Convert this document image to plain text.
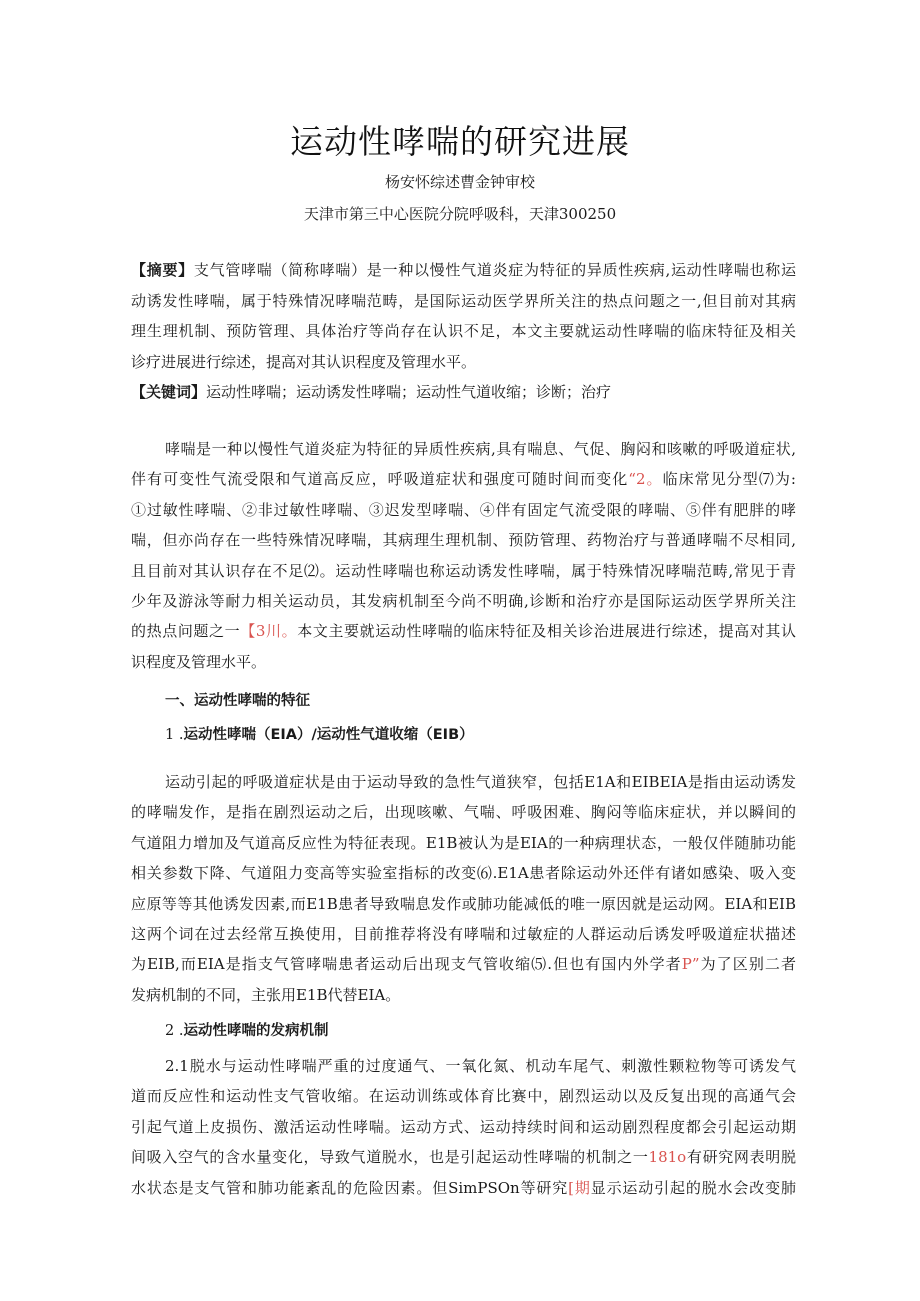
运动性哮喘的研究进展
杨安怀综述曹金钟审校
天津市第三中心医院分院呼吸科，天津300250
【摘要】支气管哮喘（简称哮喘）是一种以慢性气道炎症为特征的异质性疾病,运动性哮喘也称运
动诱发性哮喘，属于特殊情况哮喘范畴，是国际运动医学界所关注的热点问题之一,但目前对其病
理生理机制、预防管理、具体治疗等尚存在认识不足，本文主要就运动性哮喘的临床特征及相关
诊疗进展进行综述，提高对其认识程度及管理水平。
【关键词】运动性哮喘；运动诱发性哮喘；运动性气道收缩；诊断；治疗
哮喘是一种以慢性气道炎症为特征的异质性疾病,具有喘息、气促、胸闷和咳嗽的呼吸道症状,
伴有可变性气流受限和气道高反应，呼吸道症状和强度可随时间而变化“2。临床常见分型⑺为:
①过敏性哮喘、②非过敏性哮喘、③迟发型哮喘、④伴有固定气流受限的哮喘、⑤伴有肥胖的哮
喘，但亦尚存在一些特殊情况哮喘，其病理生理机制、预防管理、药物治疗与普通哮喘不尽相同,
且目前对其认识存在不足⑵。运动性哮喘也称运动诱发性哮喘，属于特殊情况哮喘范畴,常见于青
少年及游泳等耐力相关运动员，其发病机制至今尚不明确,诊断和治疗亦是国际运动医学界所关注
的热点问题之一【3川。本文主要就运动性哮喘的临床特征及相关诊治进展进行综述，提高对其认
识程度及管理水平。
一、运动性哮喘的特征
1 .运动性哮喘（EIA）/运动性气道收缩（EIB）
运动引起的呼吸道症状是由于运动导致的急性气道狭窄，包括E1A和EIBEIA是指由运动诱发
的哮喘发作，是指在剧烈运动之后，出现咳嗽、气喘、呼吸困难、胸闷等临床症状，并以瞬间的
气道阻力增加及气道高反应性为特征表现。E1B被认为是EIA的一种病理状态，一般仅伴随肺功能
相关参数下降、气道阻力变高等实验室指标的改变⑹.E1A患者除运动外还伴有诸如感染、吸入变
应原等等其他诱发因素,而E1B患者导致喘息发作或肺功能减低的唯一原因就是运动网。EIA和EIB
这两个词在过去经常互换使用，目前推荐将没有哮喘和过敏症的人群运动后诱发呼吸道症状描述
为EIB,而EIA是指支气管哮喘患者运动后出现支气管收缩⑸.但也有国内外学者P”为了区别二者
发病机制的不同，主张用E1B代替EIA。
2 .运动性哮喘的发病机制
2.1脱水与运动性哮喘严重的过度通气、一氧化氮、机动车尾气、刺激性颗粒物等可诱发气
道而反应性和运动性支气管收缩。在运动训练或体育比赛中，剧烈运动以及反复出现的高通气会
引起气道上皮损伤、激活运动性哮喘。运动方式、运动持续时间和运动剧烈程度都会引起运动期
间吸入空气的含水量变化，导致气道脱水，也是引起运动性哮喘的机制之一181o有研究网表明脱
水状态是支气管和肺功能紊乱的危险因素。但SimPSOn等研究[期显示运动引起的脱水会改变肺
